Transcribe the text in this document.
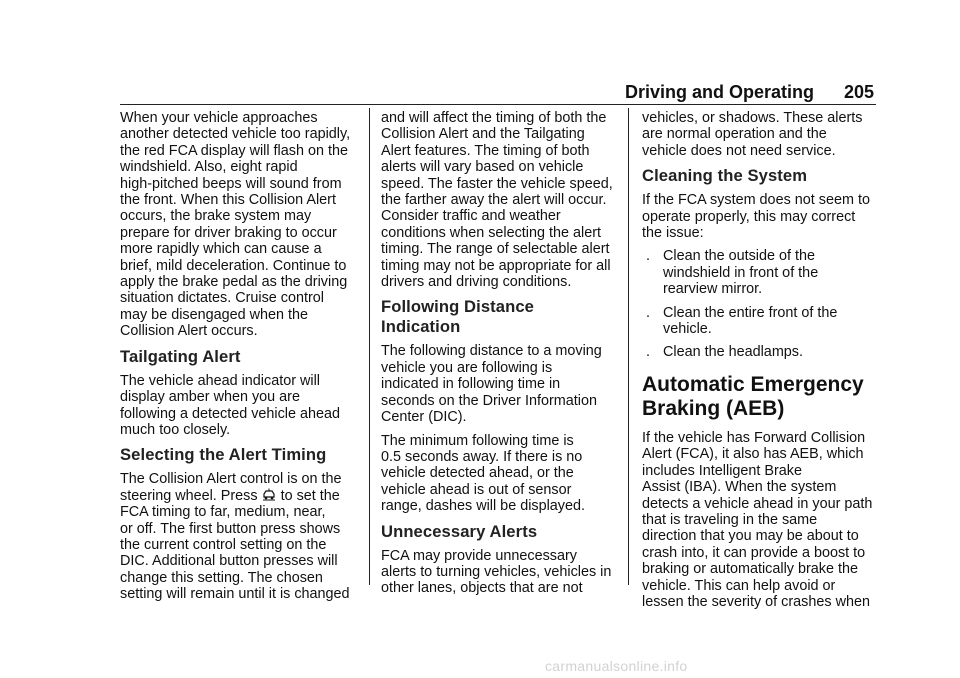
Driving and Operating 205
When your vehicle approaches
another detected vehicle too rapidly,
the red FCA display will flash on the
windshield. Also, eight rapid
high-pitched beeps will sound from
the front. When this Collision Alert
occurs, the brake system may
prepare for driver braking to occur
more rapidly which can cause a
brief, mild deceleration. Continue to
apply the brake pedal as the driving
situation dictates. Cruise control
may be disengaged when the
Collision Alert occurs.
Tailgating Alert
The vehicle ahead indicator will
display amber when you are
following a detected vehicle ahead
much too closely.
Selecting the Alert Timing
The Collision Alert control is on the
steering wheel. Press to set the
FCA timing to far, medium, near,
or off. The first button press shows
the current control setting on the
DIC. Additional button presses will
change this setting. The chosen
setting will remain until it is changed
and will affect the timing of both the
Collision Alert and the Tailgating
Alert features. The timing of both
alerts will vary based on vehicle
speed. The faster the vehicle speed,
the farther away the alert will occur.
Consider traffic and weather
conditions when selecting the alert
timing. The range of selectable alert
timing may not be appropriate for all
drivers and driving conditions.
Following Distance Indication
The following distance to a moving
vehicle you are following is
indicated in following time in
seconds on the Driver Information
Center (DIC).
The minimum following time is
0.5 seconds away. If there is no
vehicle detected ahead, or the
vehicle ahead is out of sensor
range, dashes will be displayed.
Unnecessary Alerts
FCA may provide unnecessary
alerts to turning vehicles, vehicles in
other lanes, objects that are not
vehicles, or shadows. These alerts
are normal operation and the
vehicle does not need service.
Cleaning the System
If the FCA system does not seem to
operate properly, this may correct
the issue:
. Clean the outside of the
windshield in front of the
rearview mirror.
. Clean the entire front of the
vehicle.
. Clean the headlamps.
Automatic Emergency
Braking (AEB)
If the vehicle has Forward Collision
Alert (FCA), it also has AEB, which
includes Intelligent Brake
Assist (IBA). When the system
detects a vehicle ahead in your path
that is traveling in the same
direction that you may be about to
crash into, it can provide a boost to
braking or automatically brake the
vehicle. This can help avoid or
lessen the severity of crashes when
carmanualsonline.info
